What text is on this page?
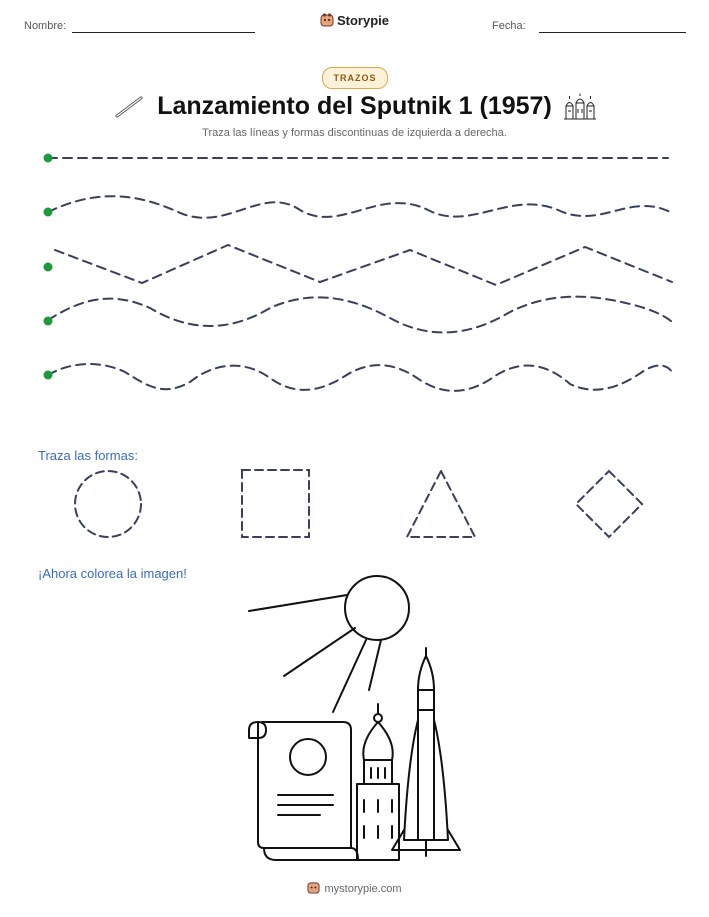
Nombre:	Storypie	Fecha:
TRAZOS
Lanzamiento del Sputnik 1 (1957)
Traza las líneas y formas discontinuas de izquierda a derecha.
Traza las formas:
¡Ahora colorea la imagen!
mystorypie.com
